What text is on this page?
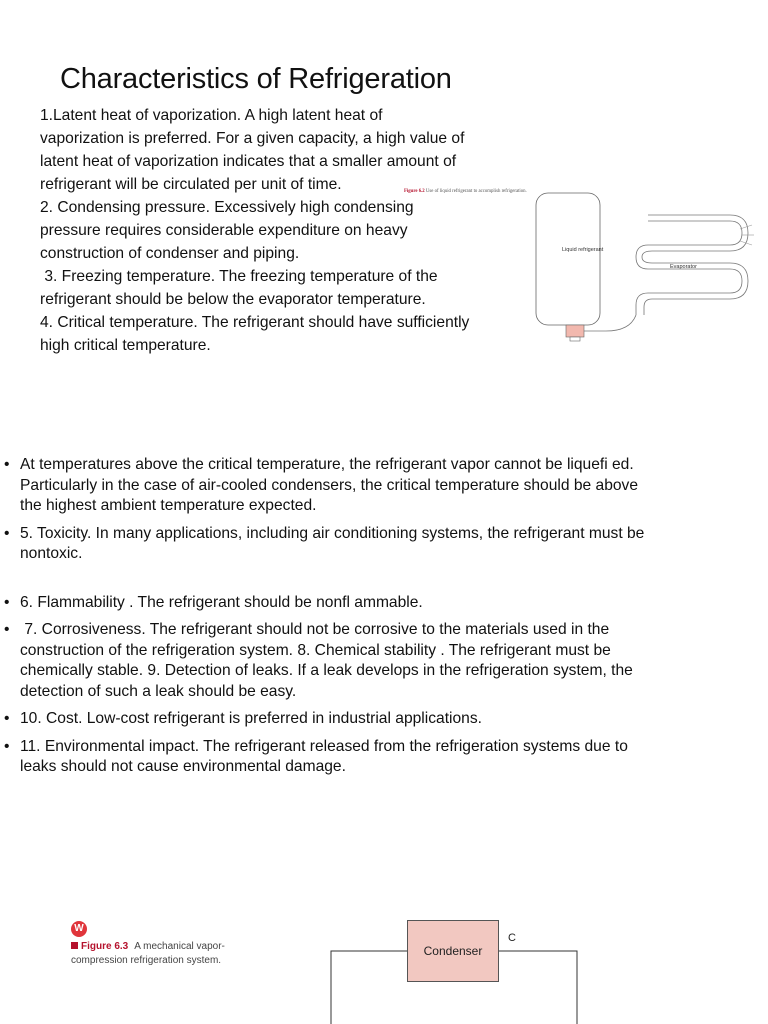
Characteristics of Refrigeration

1.Latent heat of vaporization. A high latent heat of vaporization is preferred. For a given capacity, a high value of latent heat of vaporization indicates that a smaller amount of refrigerant will be circulated per unit of time.

2. Condensing pressure. Excessively high condensing pressure requires considerable expenditure on heavy construction of condenser and piping.

3. Freezing temperature. The freezing temperature of the refrigerant should be below the evaporator temperature.

4. Critical temperature. The refrigerant should have sufficiently high critical temperature.

Figure 6.2 Use of liquid refrigerant to accomplish refrigeration.
Liquid refrigerant
Evaporator
• At temperatures above the critical temperature, the refrigerant vapor cannot be liquefi ed. Particularly in the case of air-cooled condensers, the critical temperature should be above the highest ambient temperature expected.
• 5. Toxicity. In many applications, including air conditioning systems, the refrigerant must be nontoxic.
• 6. Flammability . The refrigerant should be nonfl ammable.
•  7. Corrosiveness. The refrigerant should not be corrosive to the materials used in the construction of the refrigeration system. 8. Chemical stability . The refrigerant must be chemically stable. 9. Detection of leaks. If a leak develops in the refrigeration system, the detection of such a leak should be easy.
• 10. Cost. Low-cost refrigerant is preferred in industrial applications.
• 11. Environmental impact. The refrigerant released from the refrigeration systems due to leaks should not cause environmental damage.
W
Figure 6.3 A mechanical vapor-compression refrigeration system.
Condenser
C
